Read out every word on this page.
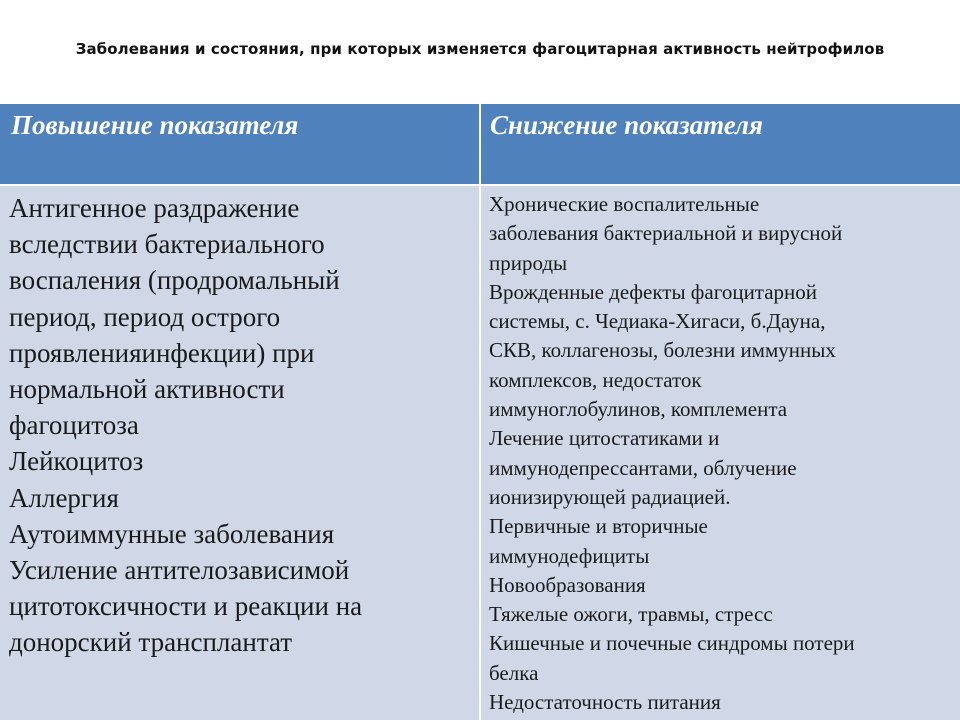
Заболевания и состояния, при которых изменяется фагоцитарная активность нейтрофилов
Повышение показателя	Снижение показателя
Антигенное раздражение
вследствии бактериального
воспаления (продромальный
период, период острого
проявленияинфекции) при
нормальной активности
фагоцитоза
Лейкоцитоз
Аллергия
Аутоиммунные заболевания
Усиление антителозависимой
цитотоксичности и реакции на
донорский трансплантат
Хронические воспалительные
заболевания бактериальной и вирусной
природы
Врожденные дефекты фагоцитарной
системы, с. Чедиака-Хигаси, б.Дауна,
СКВ, коллагенозы, болезни иммунных
комплексов, недостаток
иммуноглобулинов, комплемента
Лечение цитостатиками и
иммунодепрессантами, облучение
ионизирующей радиацией.
Первичные и вторичные
иммунодефициты
Новообразования
Тяжелые ожоги, травмы, стресс
Кишечные и почечные синдромы потери
белка
Недостаточность питания
